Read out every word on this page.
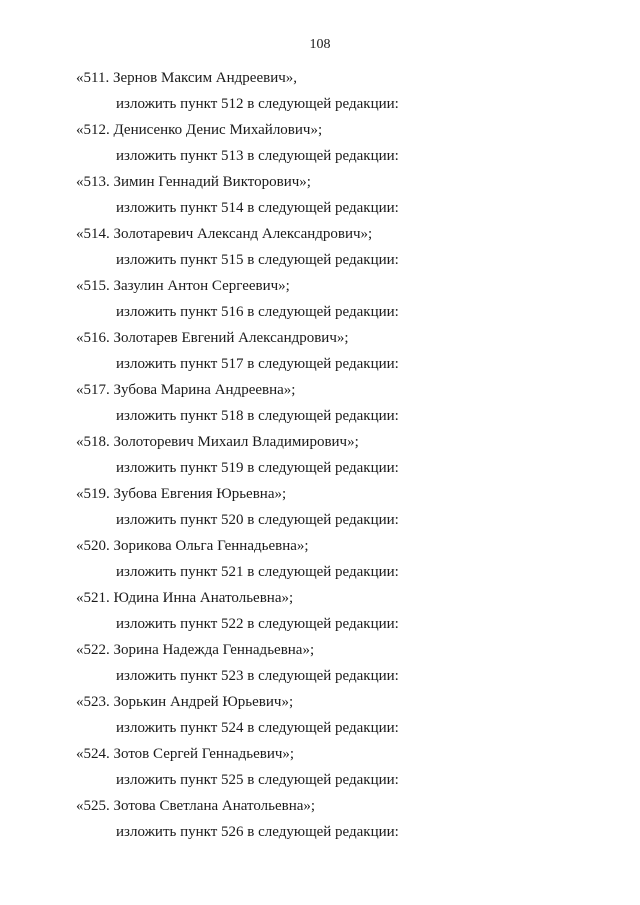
108
«511. Зернов Максим Андреевич»,
изложить пункт 512 в следующей редакции:
«512. Денисенко Денис Михайлович»;
изложить пункт 513 в следующей редакции:
«513. Зимин Геннадий Викторович»;
изложить пункт 514 в следующей редакции:
«514. Золотаревич Александ Александрович»;
изложить пункт 515 в следующей редакции:
«515. Зазулин Антон Сергеевич»;
изложить пункт 516 в следующей редакции:
«516. Золотарев Евгений Александрович»;
изложить пункт 517 в следующей редакции:
«517. Зубова Марина Андреевна»;
изложить пункт 518 в следующей редакции:
«518. Золоторевич Михаил Владимирович»;
изложить пункт 519 в следующей редакции:
«519. Зубова Евгения Юрьевна»;
изложить пункт 520 в следующей редакции:
«520. Зорикова Ольга Геннадьевна»;
изложить пункт 521 в следующей редакции:
«521. Юдина Инна Анатольевна»;
изложить пункт 522 в следующей редакции:
«522. Зорина Надежда Геннадьевна»;
изложить пункт 523 в следующей редакции:
«523. Зорькин Андрей Юрьевич»;
изложить пункт 524 в следующей редакции:
«524. Зотов Сергей Геннадьевич»;
изложить пункт 525 в следующей редакции:
«525. Зотова Светлана Анатольевна»;
изложить пункт 526 в следующей редакции:
